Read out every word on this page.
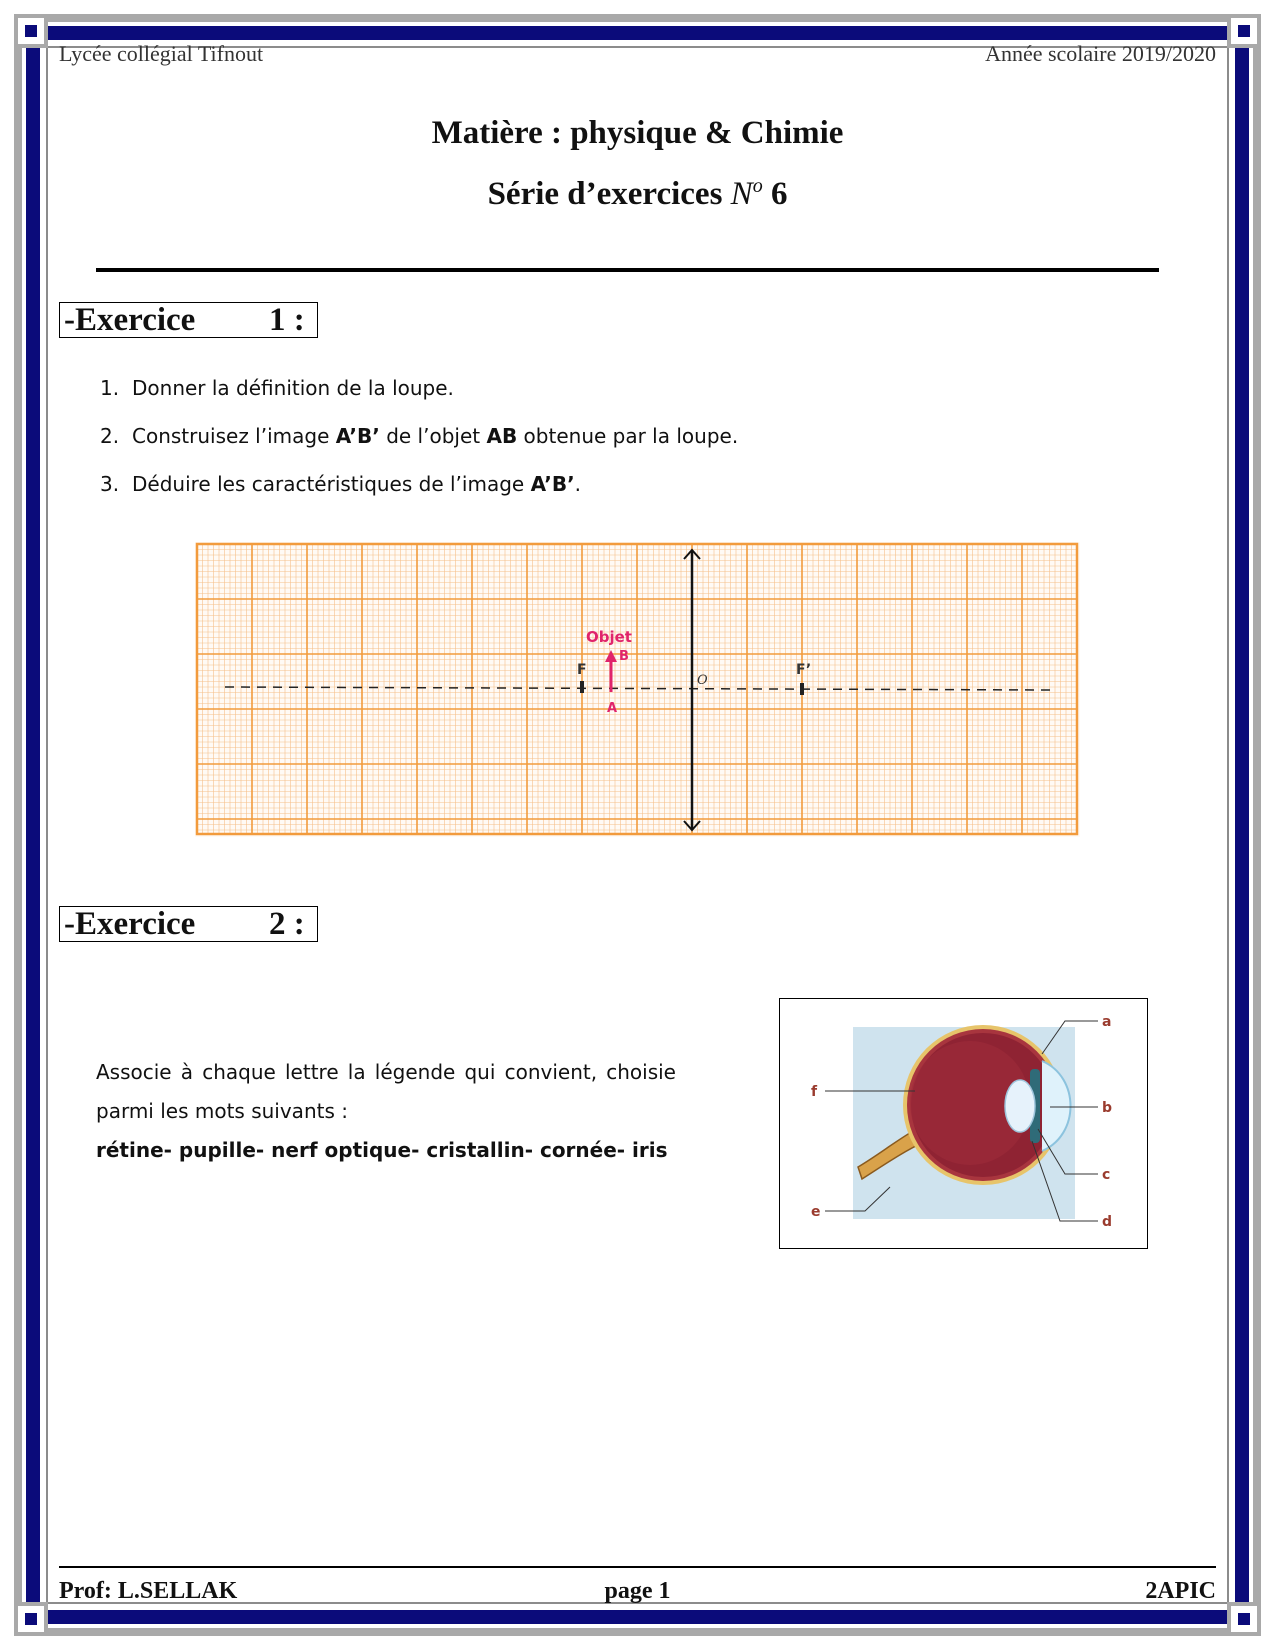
Lycée collégial Tifnout	Année scolaire 2019/2020
Matière : physique & Chimie
Série d’exercices $N^o$ 6
-Exercice 1 :
1. Donner la définition de la loupe.
2. Construisez l’image A’B’ de l’objet AB obtenue par la loupe.
3. Déduire les caractéristiques de l’image A’B’.
Objet
B
A
F	F’
O
-Exercice 2 :
Associe à chaque lettre la légende qui convient, choisie
parmi les mots suivants :
rétine- pupille- nerf optique- cristallin- cornée- iris
a
b
c
d
e
f
Prof: L.SELLAK	page 1	2APIC
